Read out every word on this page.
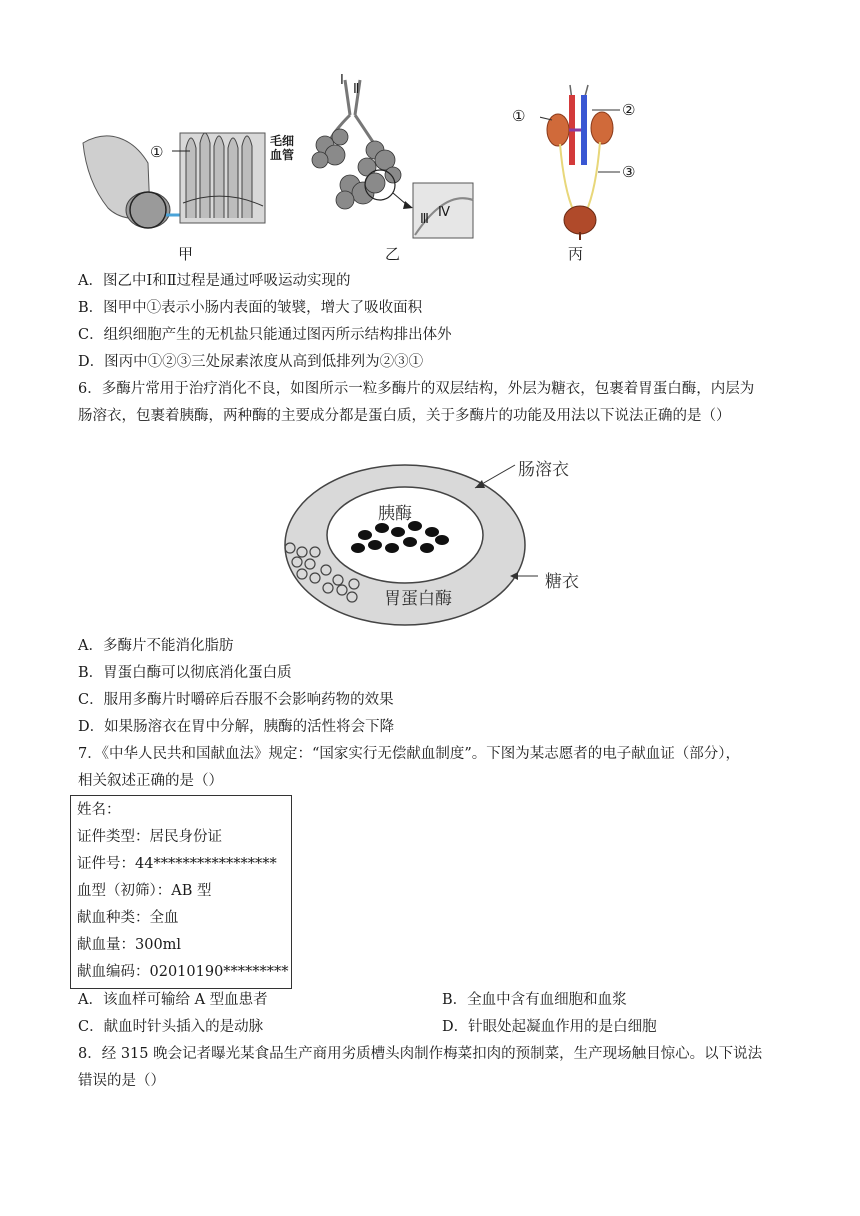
①
毛细
血管
甲
Ⅰ
Ⅱ
Ⅲ Ⅳ
乙
①	②
③
丙
A．图乙中Ⅰ和Ⅱ过程是通过呼吸运动实现的
B．图甲中①表示小肠内表面的皱襞，增大了吸收面积
C．组织细胞产生的无机盐只能通过图丙所示结构排出体外
D．图丙中①②③三处尿素浓度从高到低排列为②③①
6．多酶片常用于治疗消化不良，如图所示一粒多酶片的双层结构，外层为糖衣，包裹着胃蛋白酶，内层为
肠溶衣，包裹着胰酶，两种酶的主要成分都是蛋白质，关于多酶片的功能及用法以下说法正确的是（）
肠溶衣
胰酶
糖衣
胃蛋白酶
A．多酶片不能消化脂肪
B．胃蛋白酶可以彻底消化蛋白质
C．服用多酶片时嚼碎后吞服不会影响药物的效果
D．如果肠溶衣在胃中分解，胰酶的活性将会下降
7．《中华人民共和国献血法》规定：“国家实行无偿献血制度”。下图为某志愿者的电子献血证（部分），
相关叙述正确的是（）
姓名：
证件类型：居民身份证
证件号：44*****************
血型（初筛）：AB 型
献血种类：全血
献血量：300ml
献血编码：02010190*********
A．该血样可输给 A 型血患者	B．全血中含有血细胞和血浆
C．献血时针头插入的是动脉	D．针眼处起凝血作用的是白细胞
8．经 315 晚会记者曝光某食品生产商用劣质槽头肉制作梅菜扣肉的预制菜，生产现场触目惊心。以下说法
错误的是（）
